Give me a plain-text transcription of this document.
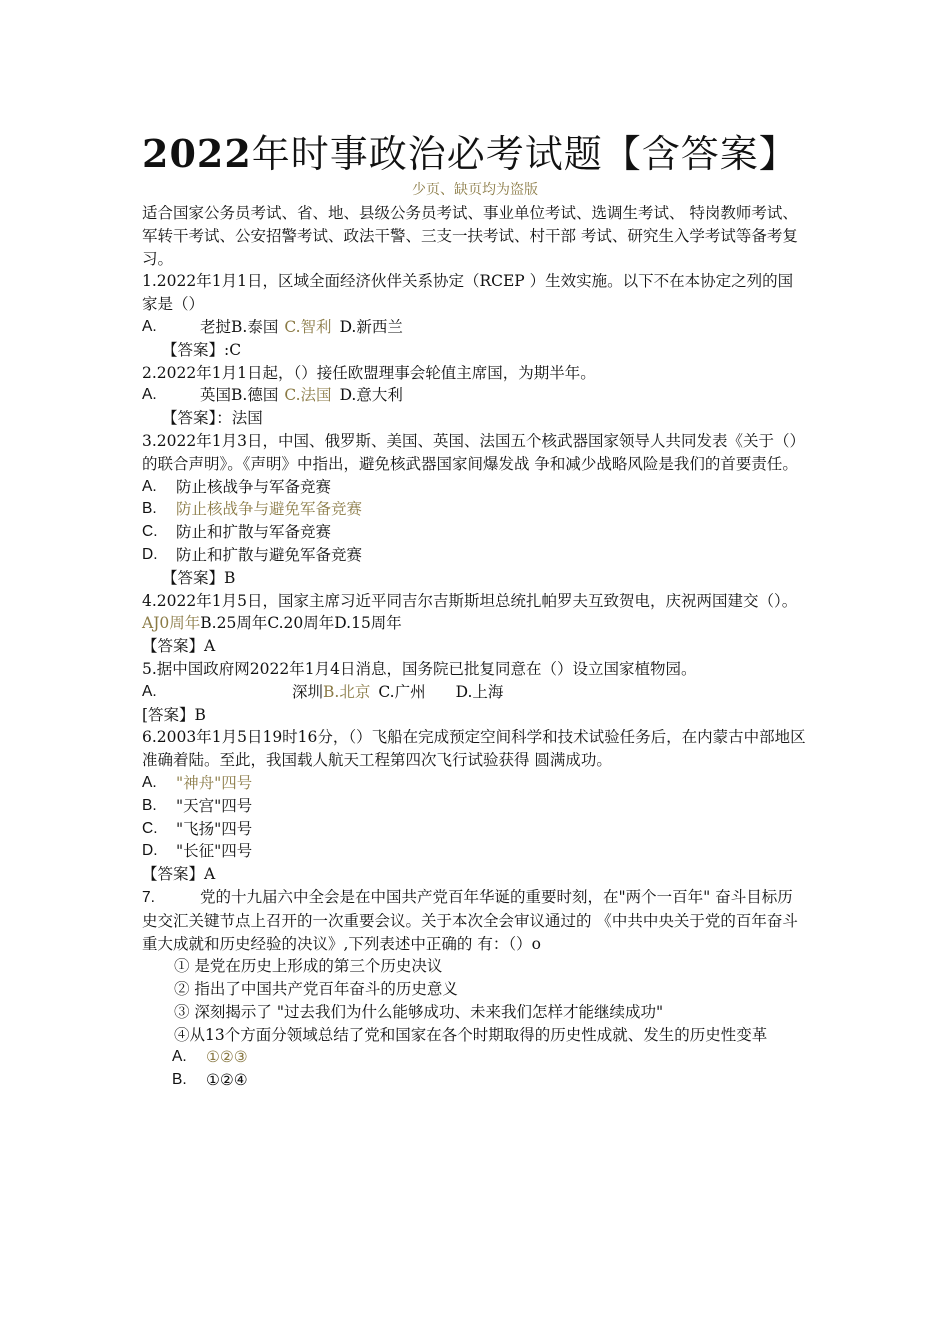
2022年时事政治必考试题【含答案】
少页、缺页均为盗版

适合国家公务员考试、省、地、县级公务员考试、事业单位考试、选调生考试、 特岗教师考试、军转干考试、公安招警考试、政法干警、三支一扶考试、村干部 考试、研究生入学考试等备考复习。

1.2022年1月1日，区域全面经济伙伴关系协定（RCEP ）生效实施。以下不在本协定之列的国家是（）

A.	老挝B.泰国 C.智利 D.新西兰

【答案】:C

2.2022年1月1日起，（）接任欧盟理事会轮值主席国，为期半年。

A.	英国B.德国 C.法国 D.意大利

【答案】：法国

3.2022年1月3日，中国、俄罗斯、美国、英国、法国五个核武器国家领导人共同发表《关于（）的联合声明》。《声明》中指出，避免核武器国家间爆发战 争和减少战略风险是我们的首要责任。

A.	防止核战争与军备竞赛
B.	防止核战争与避免军备竞赛
C.	防止和扩散与军备竞赛
D.	防止和扩散与避免军备竞赛

【答案】B

4.2022年1月5日，国家主席习近平同吉尔吉斯斯坦总统扎帕罗夫互致贺电，庆祝两国建交（）。

AJ0周年B.25周年C.20周年D.15周年

【答案】A

5.据中国政府网2022年1月4日消息，国务院已批复同意在（）设立国家植物园。

A.	深圳 B.北京 C.广州	D.上海

[答案】B

6.2003年1月5日19时16分，（）飞船在完成预定空间科学和技术试验任务后，在内蒙古中部地区准确着陆。至此，我国载人航天工程第四次飞行试验获得 圆满成功。

A.	"神舟"四号
B.	"天宫"四号
C.	"飞扬"四号
D.	"长征"四号

【答案】A

7.	党的十九届六中全会是在中国共产党百年华诞的重要时刻，在"两个一百年" 奋斗目标历史交汇关键节点上召开的一次重要会议。关于本次全会审议通过的 《中共中央关于党的百年奋斗重大成就和历史经验的决议》,下列表述中正确的 有：（）o

① 是党在历史上形成的第三个历史决议

② 指出了中国共产党百年奋斗的历史意义

③ 深刻揭示了 "过去我们为什么能够成功、未来我们怎样才能继续成功"

④从13个方面分领域总结了党和国家在各个时期取得的历史性成就、发生的历史性变革

A.	①②③
B.	①②④
